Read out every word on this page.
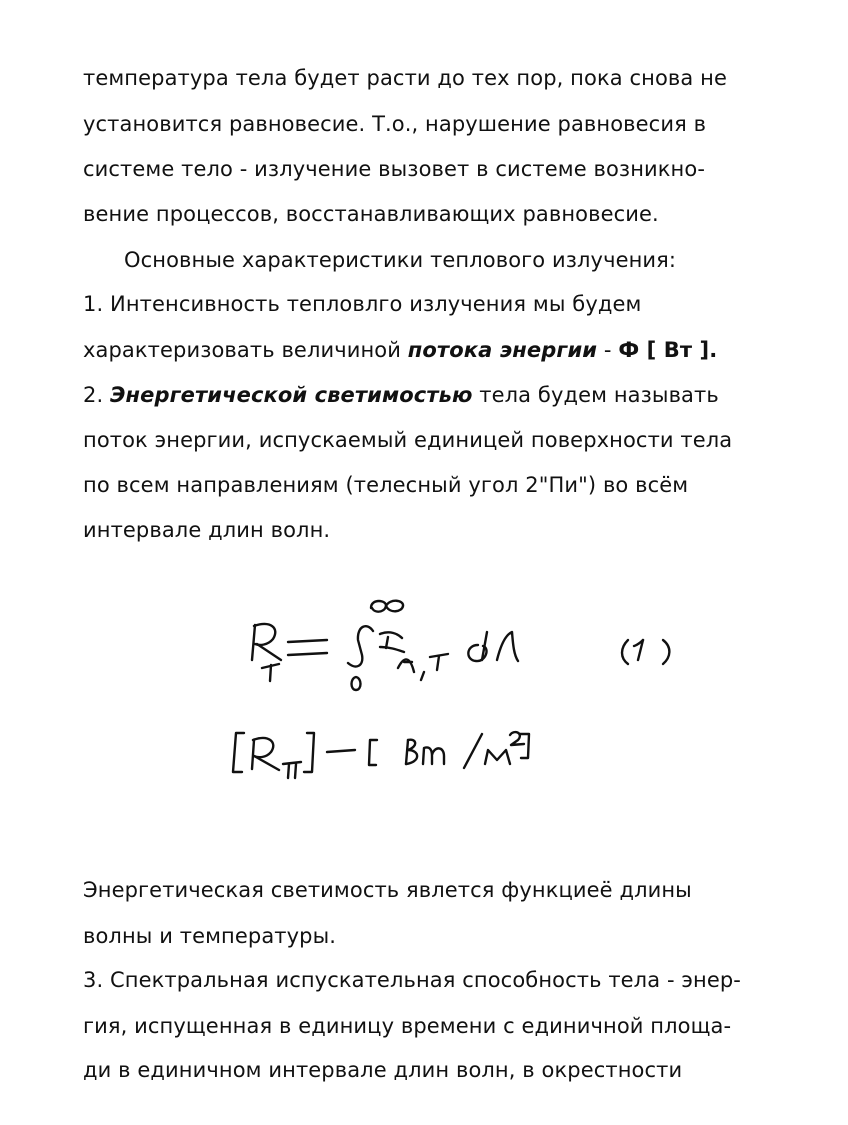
температура тела будет расти до тех пор, пока снова не
установится равновесие. Т.о., нарушение равновесия в
системе тело - излучение вызовет в системе возникно-
вение процессов, восстанавливающих равновесие.
Основные характеристики теплового излучения:
1. Интенсивность тепловлго излучения мы будем
характеризовать величиной потока энергии - Ф [ Вт ].
2. Энергетической светимостью тела будем называть
поток энергии, испускаемый единицей поверхности тела
по всем направлениям (телесный угол 2"Пи") во всём
интервале длин волн.
Энергетическая светимость явлется функциеё длины
волны и температуры.
3. Спектральная испускательная способность тела - энер-
гия, испущенная в единицу времени с единичной площа-
ди в единичном интервале длин волн, в окрестности
